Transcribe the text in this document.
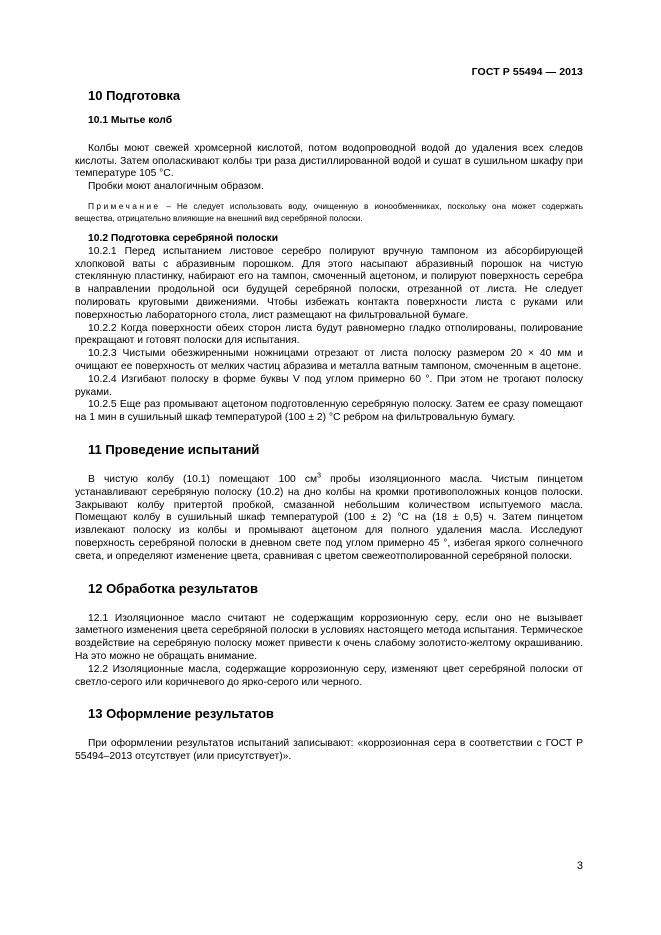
ГОСТ Р 55494 — 2013
10 Подготовка
10.1 Мытье колб

Колбы моют свежей хромсерной кислотой, потом водопроводной водой до удаления всех следов кислоты. Затем ополаскивают колбы три раза дистиллированной водой и сушат в сушильном шкафу при температуре 105 °С.

Пробки моют аналогичным образом.

Примечание – Не следует использовать воду, очищенную в ионообменниках, поскольку она может содержать вещества, отрицательно влияющие на внешний вид серебряной полоски.

10.2 Подготовка серебряной полоски

10.2.1 Перед испытанием листовое серебро полируют вручную тампоном из абсорбирующей хлопковой ваты с абразивным порошком. Для этого насыпают абразивный порошок на чистую стеклянную пластинку, набирают его на тампон, смоченный ацетоном, и полируют поверхность серебра в направлении продольной оси будущей серебряной полоски, отрезанной от листа. Не следует полировать круговыми движениями. Чтобы избежать контакта поверхности листа с руками или поверхностью лабораторного стола, лист размещают на фильтровальной бумаге.

10.2.2 Когда поверхности обеих сторон листа будут равномерно гладко отполированы, полирование прекращают и готовят полоски для испытания.

10.2.3 Чистыми обезжиренными ножницами отрезают от листа полоску размером 20 × 40 мм и очищают ее поверхность от мелких частиц абразива и металла ватным тампоном, смоченным в ацетоне.

10.2.4 Изгибают полоску в форме буквы V под углом примерно 60 °. При этом не трогают полоску руками.

10.2.5 Еще раз промывают ацетоном подготовленную серебряную полоску. Затем ее сразу помещают на 1 мин в сушильный шкаф температурой (100 ± 2) °С ребром на фильтровальную бумагу.

11 Проведение испытаний

В чистую колбу (10.1) помещают 100 $см^3$ пробы изоляционного масла. Чистым пинцетом устанавливают серебряную полоску (10.2) на дно колбы на кромки противоположных концов полоски. Закрывают колбу притертой пробкой, смазанной небольшим количеством испытуемого масла. Помещают колбу в сушильный шкаф температурой (100 ± 2) °С на (18 ± 0,5) ч. Затем пинцетом извлекают полоску из колбы и промывают ацетоном для полного удаления масла. Исследуют поверхность серебряной полоски в дневном свете под углом примерно 45 °, избегая яркого солнечного света, и определяют изменение цвета, сравнивая с цветом свежеотполированной серебряной полоски.

12 Обработка результатов

12.1 Изоляционное масло считают не содержащим коррозионную серу, если оно не вызывает заметного изменения цвета серебряной полоски в условиях настоящего метода испытания. Термическое воздействие на серебряную полоску может привести к очень слабому золотисто-желтому окрашиванию. На это можно не обращать внимание.

12.2 Изоляционные масла, содержащие коррозионную серу, изменяют цвет серебряной полоски от светло-серого или коричневого до ярко-серого или черного.

13 Оформление результатов

При оформлении результатов испытаний записывают: «коррозионная сера в соответствии с ГОСТ Р 55494–2013 отсутствует (или присутствует)».

3
